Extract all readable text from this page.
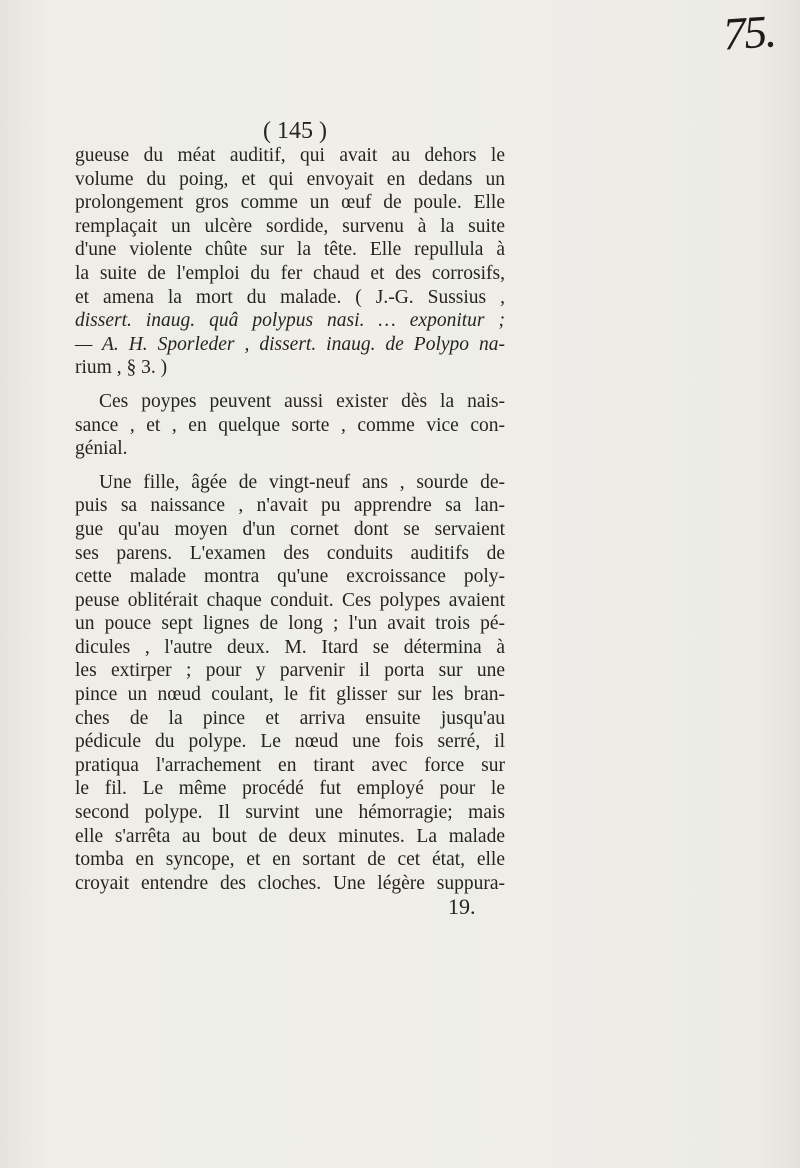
75.
( 145 )
gueuse du méat auditif, qui avait au dehors le
volume du poing, et qui envoyait en dedans un
prolongement gros comme un œuf de poule. Elle
remplaçait un ulcère sordide, survenu à la suite
d'une violente chûte sur la tête. Elle repullula à
la suite de l'emploi du fer chaud et des corrosifs,
et amena la mort du malade. ( J.-G. Sussius ,
dissert. inaug. quâ polypus nasi. … exponitur ;
— A. H. Sporleder , dissert. inaug. de Polypo na-
rium , § 3. )
Ces poypes peuvent aussi exister dès la nais-
sance , et , en quelque sorte , comme vice con-
génial.
Une fille, âgée de vingt-neuf ans , sourde de-
puis sa naissance , n'avait pu apprendre sa lan-
gue qu'au moyen d'un cornet dont se servaient
ses parens. L'examen des conduits auditifs de
cette malade montra qu'une excroissance poly-
peuse oblitérait chaque conduit. Ces polypes avaient
un pouce sept lignes de long ; l'un avait trois pé-
dicules , l'autre deux. M. Itard se détermina à
les extirper ; pour y parvenir il porta sur une
pince un nœud coulant, le fit glisser sur les bran-
ches de la pince et arriva ensuite jusqu'au
pédicule du polype. Le nœud une fois serré, il
pratiqua l'arrachement en tirant avec force sur
le fil. Le même procédé fut employé pour le
second polype. Il survint une hémorragie; mais
elle s'arrêta au bout de deux minutes. La malade
tomba en syncope, et en sortant de cet état, elle
croyait entendre des cloches. Une légère suppura-
19.
